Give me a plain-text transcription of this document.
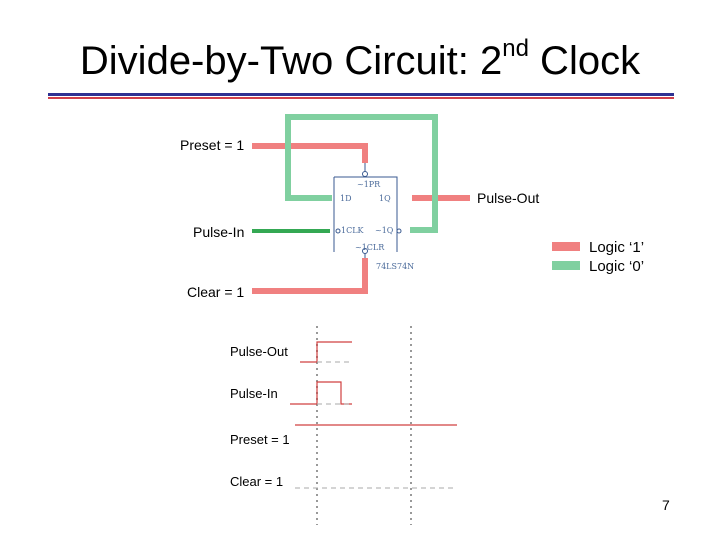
Divide-by-Two Circuit: 2nd Clock
Preset = 1
Pulse-In
Clear = 1
Pulse-Out
~1PR
1D	1Q
1CLK ~1Q
~1CLR
74LS74N
Logic ‘1’
Logic ‘0’
Pulse-Out
Pulse-In
Preset = 1
Clear = 1
7
